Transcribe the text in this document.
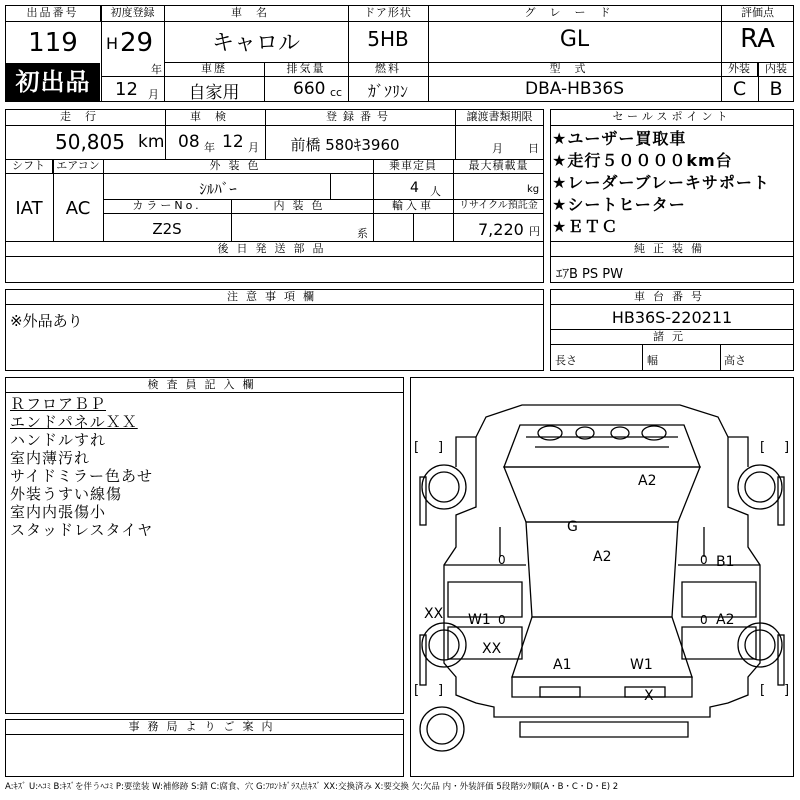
出品番号
119
初出品
初度登録
H 29
年
12 月
車名
キャロル
ドア形状
5HB
グレード
GL
評価点
RA
車歴
自家用
排気量
660 cc
燃料
ｶﾞｿﾘﾝ
型式
DBA-HB36S
外装	内装
C	B
走行
50,805 km
車検
08 年 12 月
登録番号
前橋 580ｷ3960
譲渡書類期限
月 日
シフト	エアコン
IAT	AC
外装色
ｼﾙﾊﾞｰ
乗車定員
4 人
最大積載量
kg
カラーNo.
Z2S
内装色
系
輸入車	リサイクル預託金
7,220 円
後日発送部品
セールスポイント
★ユーザー買取車
★走行５００００km台
★レーダーブレーキサポート
★シートヒーター
★ＥＴＣ
純正装備
ｴｱB PS PW
注意事項欄
※外品あり
車台番号
HB36S-220211
諸元
長さ	幅	高さ
検査員記入欄
ＲフロアＢＰ
エンドパネルＸＸ
ハンドルすれ
室内薄汚れ
サイドミラー色あせ
外装うすい線傷
室内内張傷小
スタッドレスタイヤ
事務局よりご案内
A2
G
A2	B1
A2
XX W1
XX
A1	W1
X
0	0
0	0
[ ]	[ ]
[ ]	[ ]
A:ｷｽﾞ U:ﾍｺﾐ B:ｷｽﾞを伴うﾍｺﾐ P:要塗装 W:補修跡 S:錆 C:腐食、穴 G:ﾌﾛﾝﾄｶﾞﾗｽ点ｷｽﾞ XX:交換済み X:要交換 欠:欠品 内・外装評価 5段階ﾗﾝｸ順(A・B・C・D・E) 2
